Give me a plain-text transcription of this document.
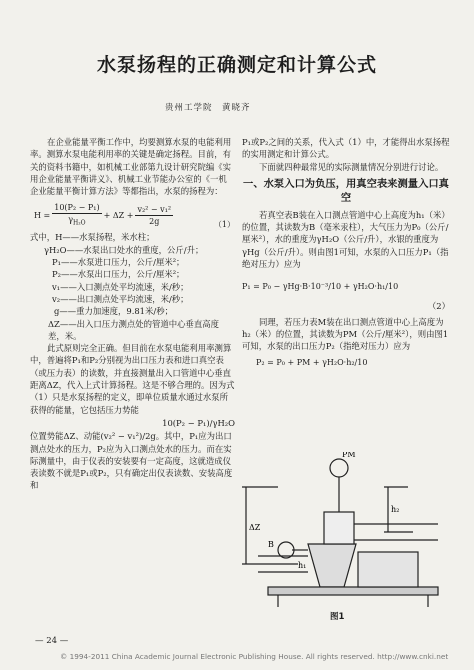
水泵扬程的正确测定和计算公式
贵州工学院　黄晓齐

在企业能量平衡工作中，均要测算水泵的电能利用率。测算水泵电能利用率的关键是确定扬程。目前，有关的资料书籍中，如机械工业部第九设计研究院编《实用企业能量平衡讲义》、机械工业节能办公室的《一机企业能量平衡计算方法》等都指出，水泵的扬程为：

$H = \frac{\text{10(P₂ − P₁)}}{\gamma_{H_2O}} + \Delta Z + \frac{\text{v₂² − v₁²}}{2g}$	（1）

式中，H——水泵扬程，米水柱；

γH₂O——水泵出口处水的重度，公斤/升；

P₁——水泵进口压力，公斤/厘米²；

P₂——水泵出口压力，公斤/厘米²；

v₁——入口测点处平均流速，米/秒；

v₂——出口测点处平均流速，米/秒；

g——重力加速度，9.81米/秒；

ΔZ——出入口压力测点处的管道中心垂直高度差，米。

此式原则完全正确。但目前在水泵电能利用率测算中，普遍将P₁和P₂分别视为出口压力表和进口真空表（或压力表）的读数，并直接测量出入口管道中心垂直距离ΔZ，代入上式计算扬程。这是不够合理的。因为式（1）只是水泵扬程的定义，即单位质量水通过水泵所获得的能量，它包括压力势能

10(P₂ − P₁)/γH₂O

位置势能ΔZ、动能(v₂² − v₁²)/2g。其中，P₁应为出口测点处水的压力，P₂应为入口测点处水的压力。而在实际测量中，由于仪表的安装要有一定高度，这就造成仪表读数不就是P₁或P₂，只有确定出仪表读数、安装高度和

P₁或P₂之间的关系，代入式（1）中，才能得出水泵扬程的实用测定和计算公式。

下面就四种最常见的实际测量情况分别进行讨论。

一、水泵入口为负压，用真空表来测量入口真空

若真空表B装在入口测点管道中心上高度为h₁（米）的位置，其读数为B（毫米汞柱），大气压力为P₀（公斤/厘米²），水的重度为γH₂O（公斤/升），水银的重度为γHg（公斤/升）。则由图1可知，水泵的入口压力P₁（指绝对压力）应为

P₁ = P₀ − γHg·B·10⁻³/10 + γH₂O·h₁/10
（2）

同理，若压力表M装在出口测点管道中心上高度为h₂（米）的位置，其读数为PM（公斤/厘米²），则由图1可知，水泵的出口压力P₂（指绝对压力）应为

P₂ = P₀ + PM + γH₂O·h₂/10
PM
B
ΔZ
h₂
h₁
图1
— 24 —
© 1994-2011 China Academic Journal Electronic Publishing House. All rights reserved. http://www.cnki.net
